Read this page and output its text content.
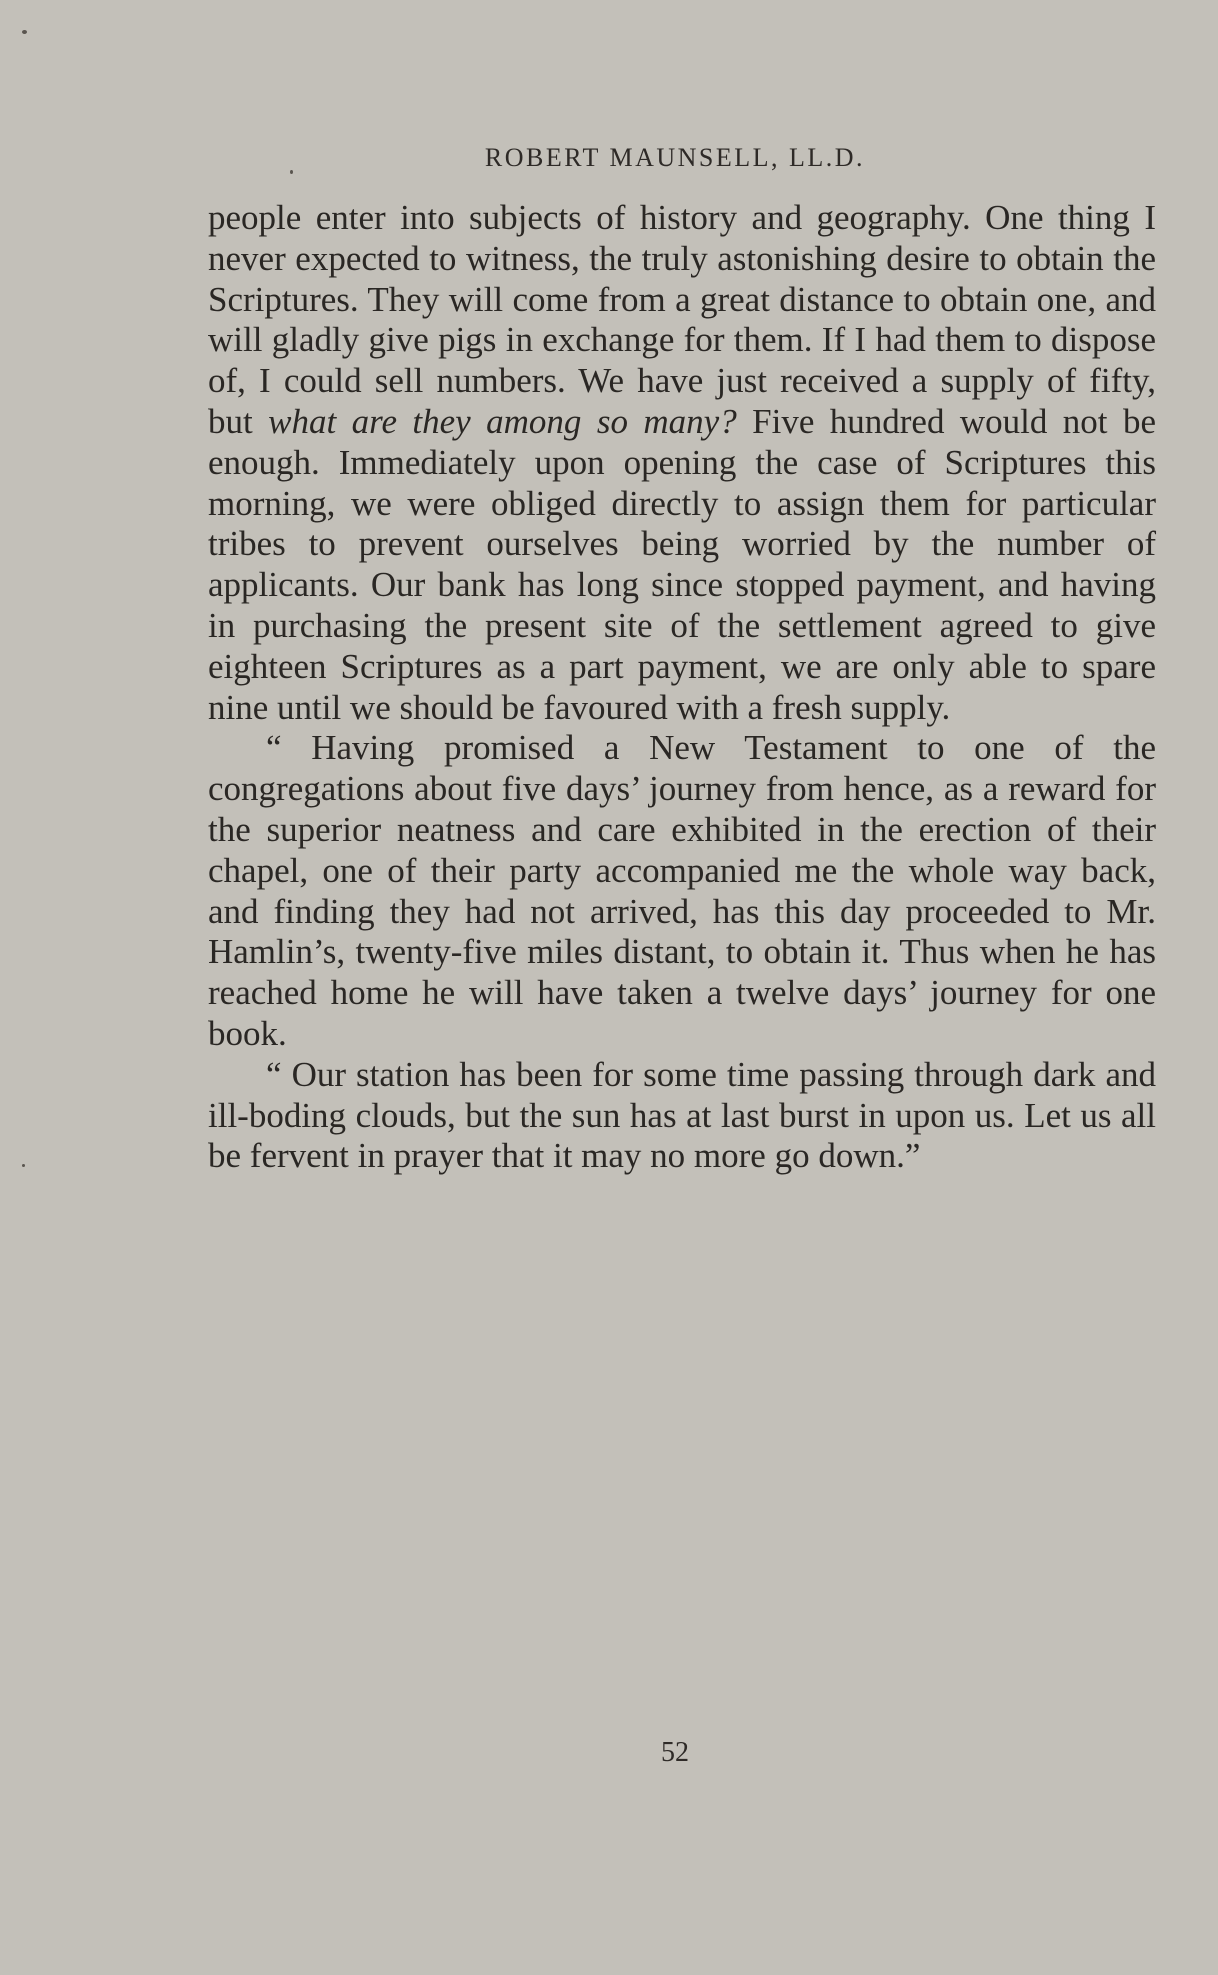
ROBERT MAUNSELL, LL.D.

people enter into subjects of history and geography. One thing I never expected to witness, the truly astonishing desire to obtain the Scriptures. They will come from a great distance to obtain one, and will gladly give pigs in exchange for them. If I had them to dispose of, I could sell numbers. We have just received a supply of fifty, but what are they among so many? Five hundred would not be enough. Immediately upon opening the case of Scriptures this morning, we were obliged directly to assign them for particular tribes to prevent ourselves being worried by the number of applicants. Our bank has long since stopped payment, and having in purchasing the present site of the settlement agreed to give eighteen Scriptures as a part payment, we are only able to spare nine until we should be favoured with a fresh supply.

“ Having promised a New Testament to one of the congregations about five days’ journey from hence, as a reward for the superior neatness and care exhibited in the erection of their chapel, one of their party accompanied me the whole way back, and finding they had not arrived, has this day proceeded to Mr. Hamlin’s, twenty-five miles distant, to obtain it. Thus when he has reached home he will have taken a twelve days’ journey for one book.

“ Our station has been for some time passing through dark and ill-boding clouds, but the sun has at last burst in upon us. Let us all be fervent in prayer that it may no more go down.”

52
